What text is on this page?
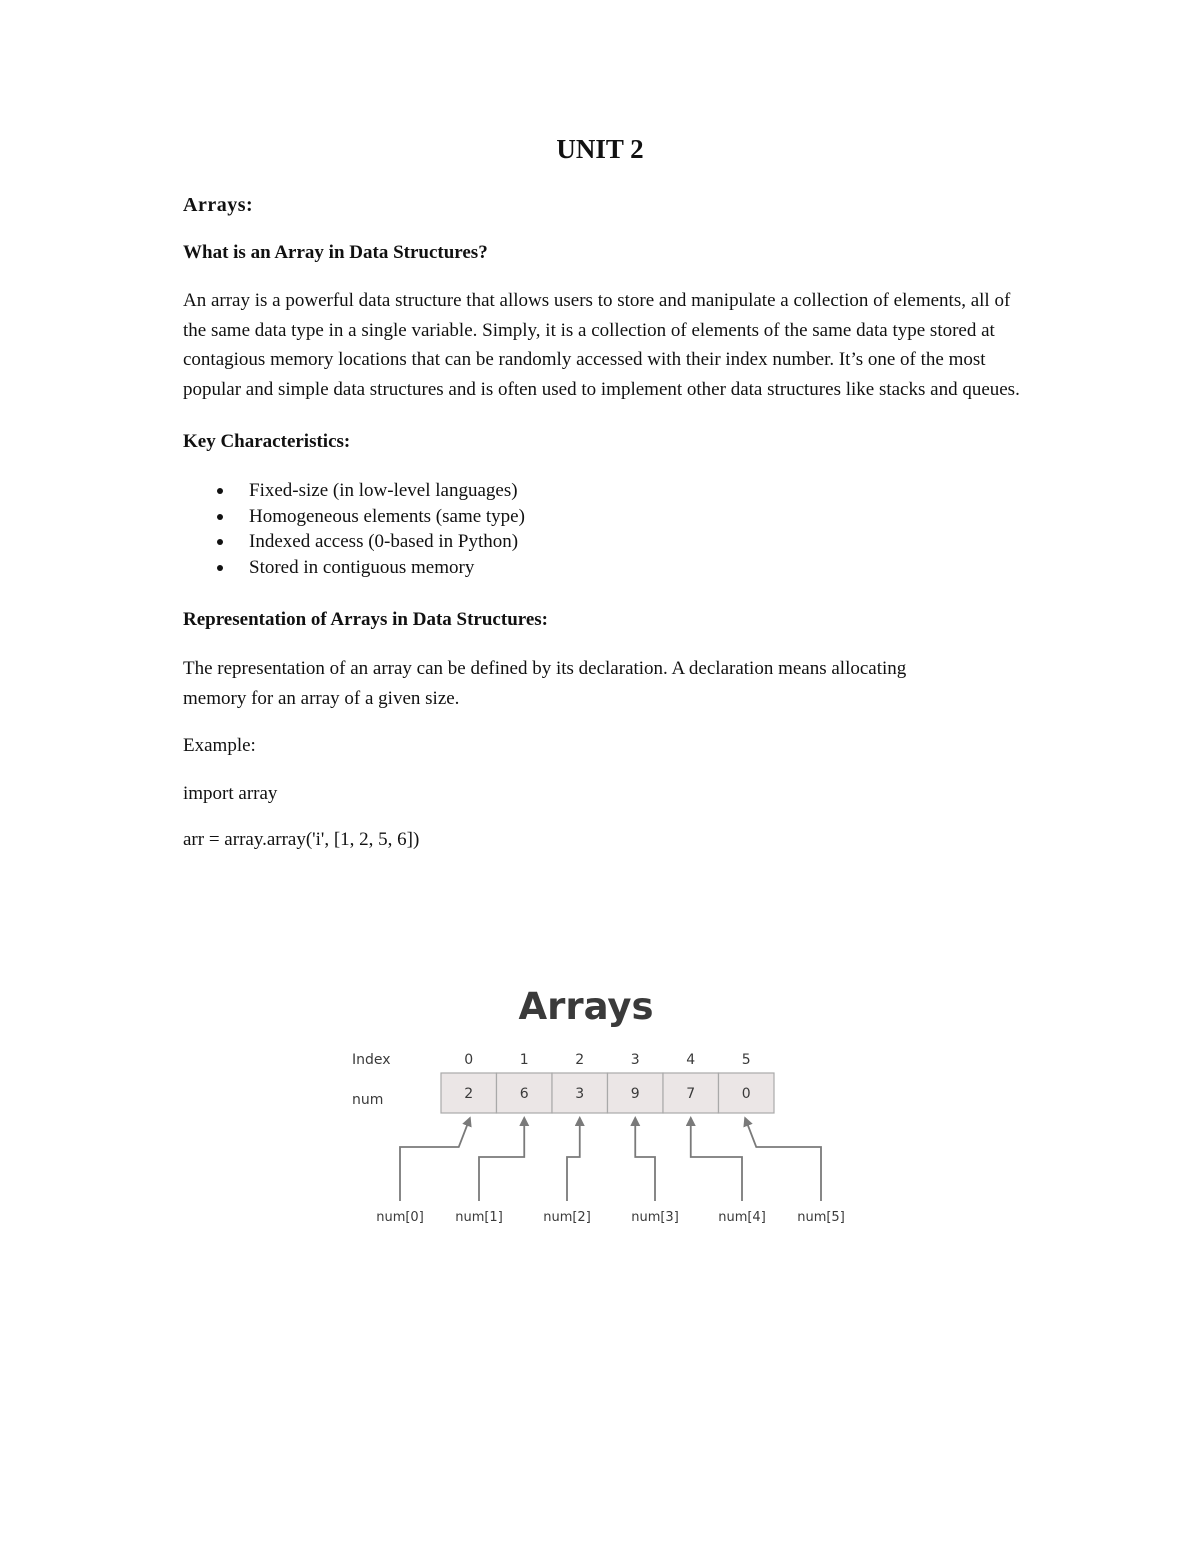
UNIT 2

Arrays:

What is an Array in Data Structures?

An array is a powerful data structure that allows users to store and manipulate a collection of elements, all of the same data type in a single variable. Simply, it is a collection of elements of the same data type stored at contagious memory locations that can be randomly accessed with their index number. It’s one of the most popular and simple data structures and is often used to implement other data structures like stacks and queues.

Key Characteristics:

Fixed-size (in low-level languages)
Homogeneous elements (same type)
Indexed access (0-based in Python)
Stored in contiguous memory

Representation of Arrays in Data Structures:

The representation of an array can be defined by its declaration. A declaration means allocating memory for an array of a given size.

Example:

import array

arr = array.array('i', [1, 2, 5, 6])

Arrays
Index
num
0
2
num[0]
1
6
num[1]
2
3
num[2]
3
9
num[3]
4
7
num[4]
5
0
num[5]
